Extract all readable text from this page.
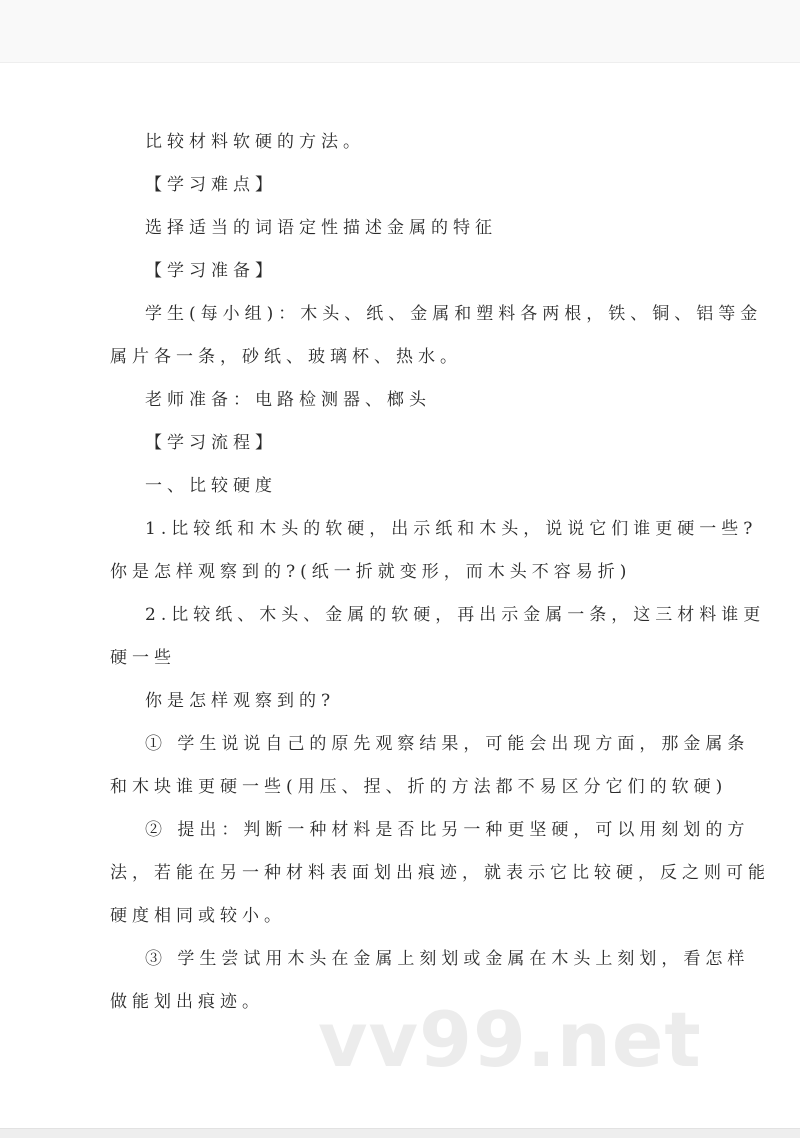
比较材料软硬的方法。
【学习难点】
选择适当的词语定性描述金属的特征
【学习准备】
学生(每小组)：木头、纸、金属和塑料各两根，铁、铜、铝等金
属片各一条，砂纸、玻璃杯、热水。
老师准备：电路检测器、榔头
【学习流程】
一、比较硬度
1.比较纸和木头的软硬，出示纸和木头，说说它们谁更硬一些?
你是怎样观察到的?(纸一折就变形，而木头不容易折)
2.比较纸、木头、金属的软硬，再出示金属一条，这三材料谁更
硬一些
你是怎样观察到的?
① 学生说说自己的原先观察结果，可能会出现方面，那金属条
和木块谁更硬一些(用压、捏、折的方法都不易区分它们的软硬)
② 提出：判断一种材料是否比另一种更坚硬，可以用刻划的方
法，若能在另一种材料表面划出痕迹，就表示它比较硬，反之则可能
硬度相同或较小。
③ 学生尝试用木头在金属上刻划或金属在木头上刻划，看怎样
做能划出痕迹。 vv99.net
